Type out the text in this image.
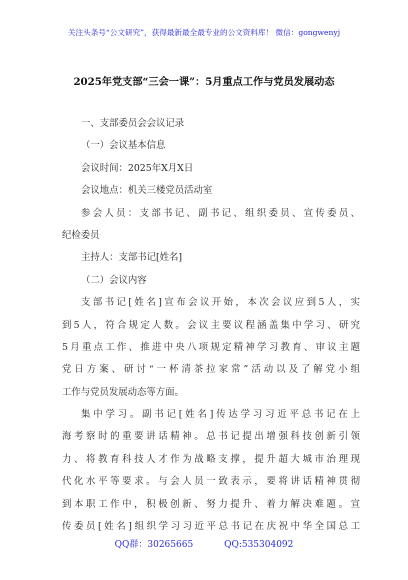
关注头条号“公文研究”，获得最新最全最专业的公文资料库！ 微信：gongwenyj
2025年党支部“三会一课”：5月重点工作与党员发展动态
一、支部委员会会议记录
（一）会议基本信息
会议时间：2025年X月X日
会议地点：机关三楼党员活动室
参会人员：支部书记、副书记、组织委员、宣传委员、
纪检委员
主持人：支部书记[姓名]
（二）会议内容
支部书记[姓名]宣布会议开始，本次会议应到5人，实
到5人，符合规定人数。会议主要议程涵盖集中学习、研究
5月重点工作、推进中央八项规定精神学习教育、审议主题
党日方案、研讨“一杯清茶拉家常”活动以及了解党小组
工作与党员发展动态等方面。
集中学习。副书记[姓名]传达学习习近平总书记在上
海考察时的重要讲话精神。总书记提出增强科技创新引领
力、将教育科技人才作为战略支撑，提升超大城市治理现
代化水平等要求。与会人员一致表示，要将讲话精神贯彻
到本职工作中，积极创新、努力提升、着力解决难题。宣
传委员[姓名]组织学习习近平总书记在庆祝中华全国总工
QQ群：30265665	QQ:535304092
